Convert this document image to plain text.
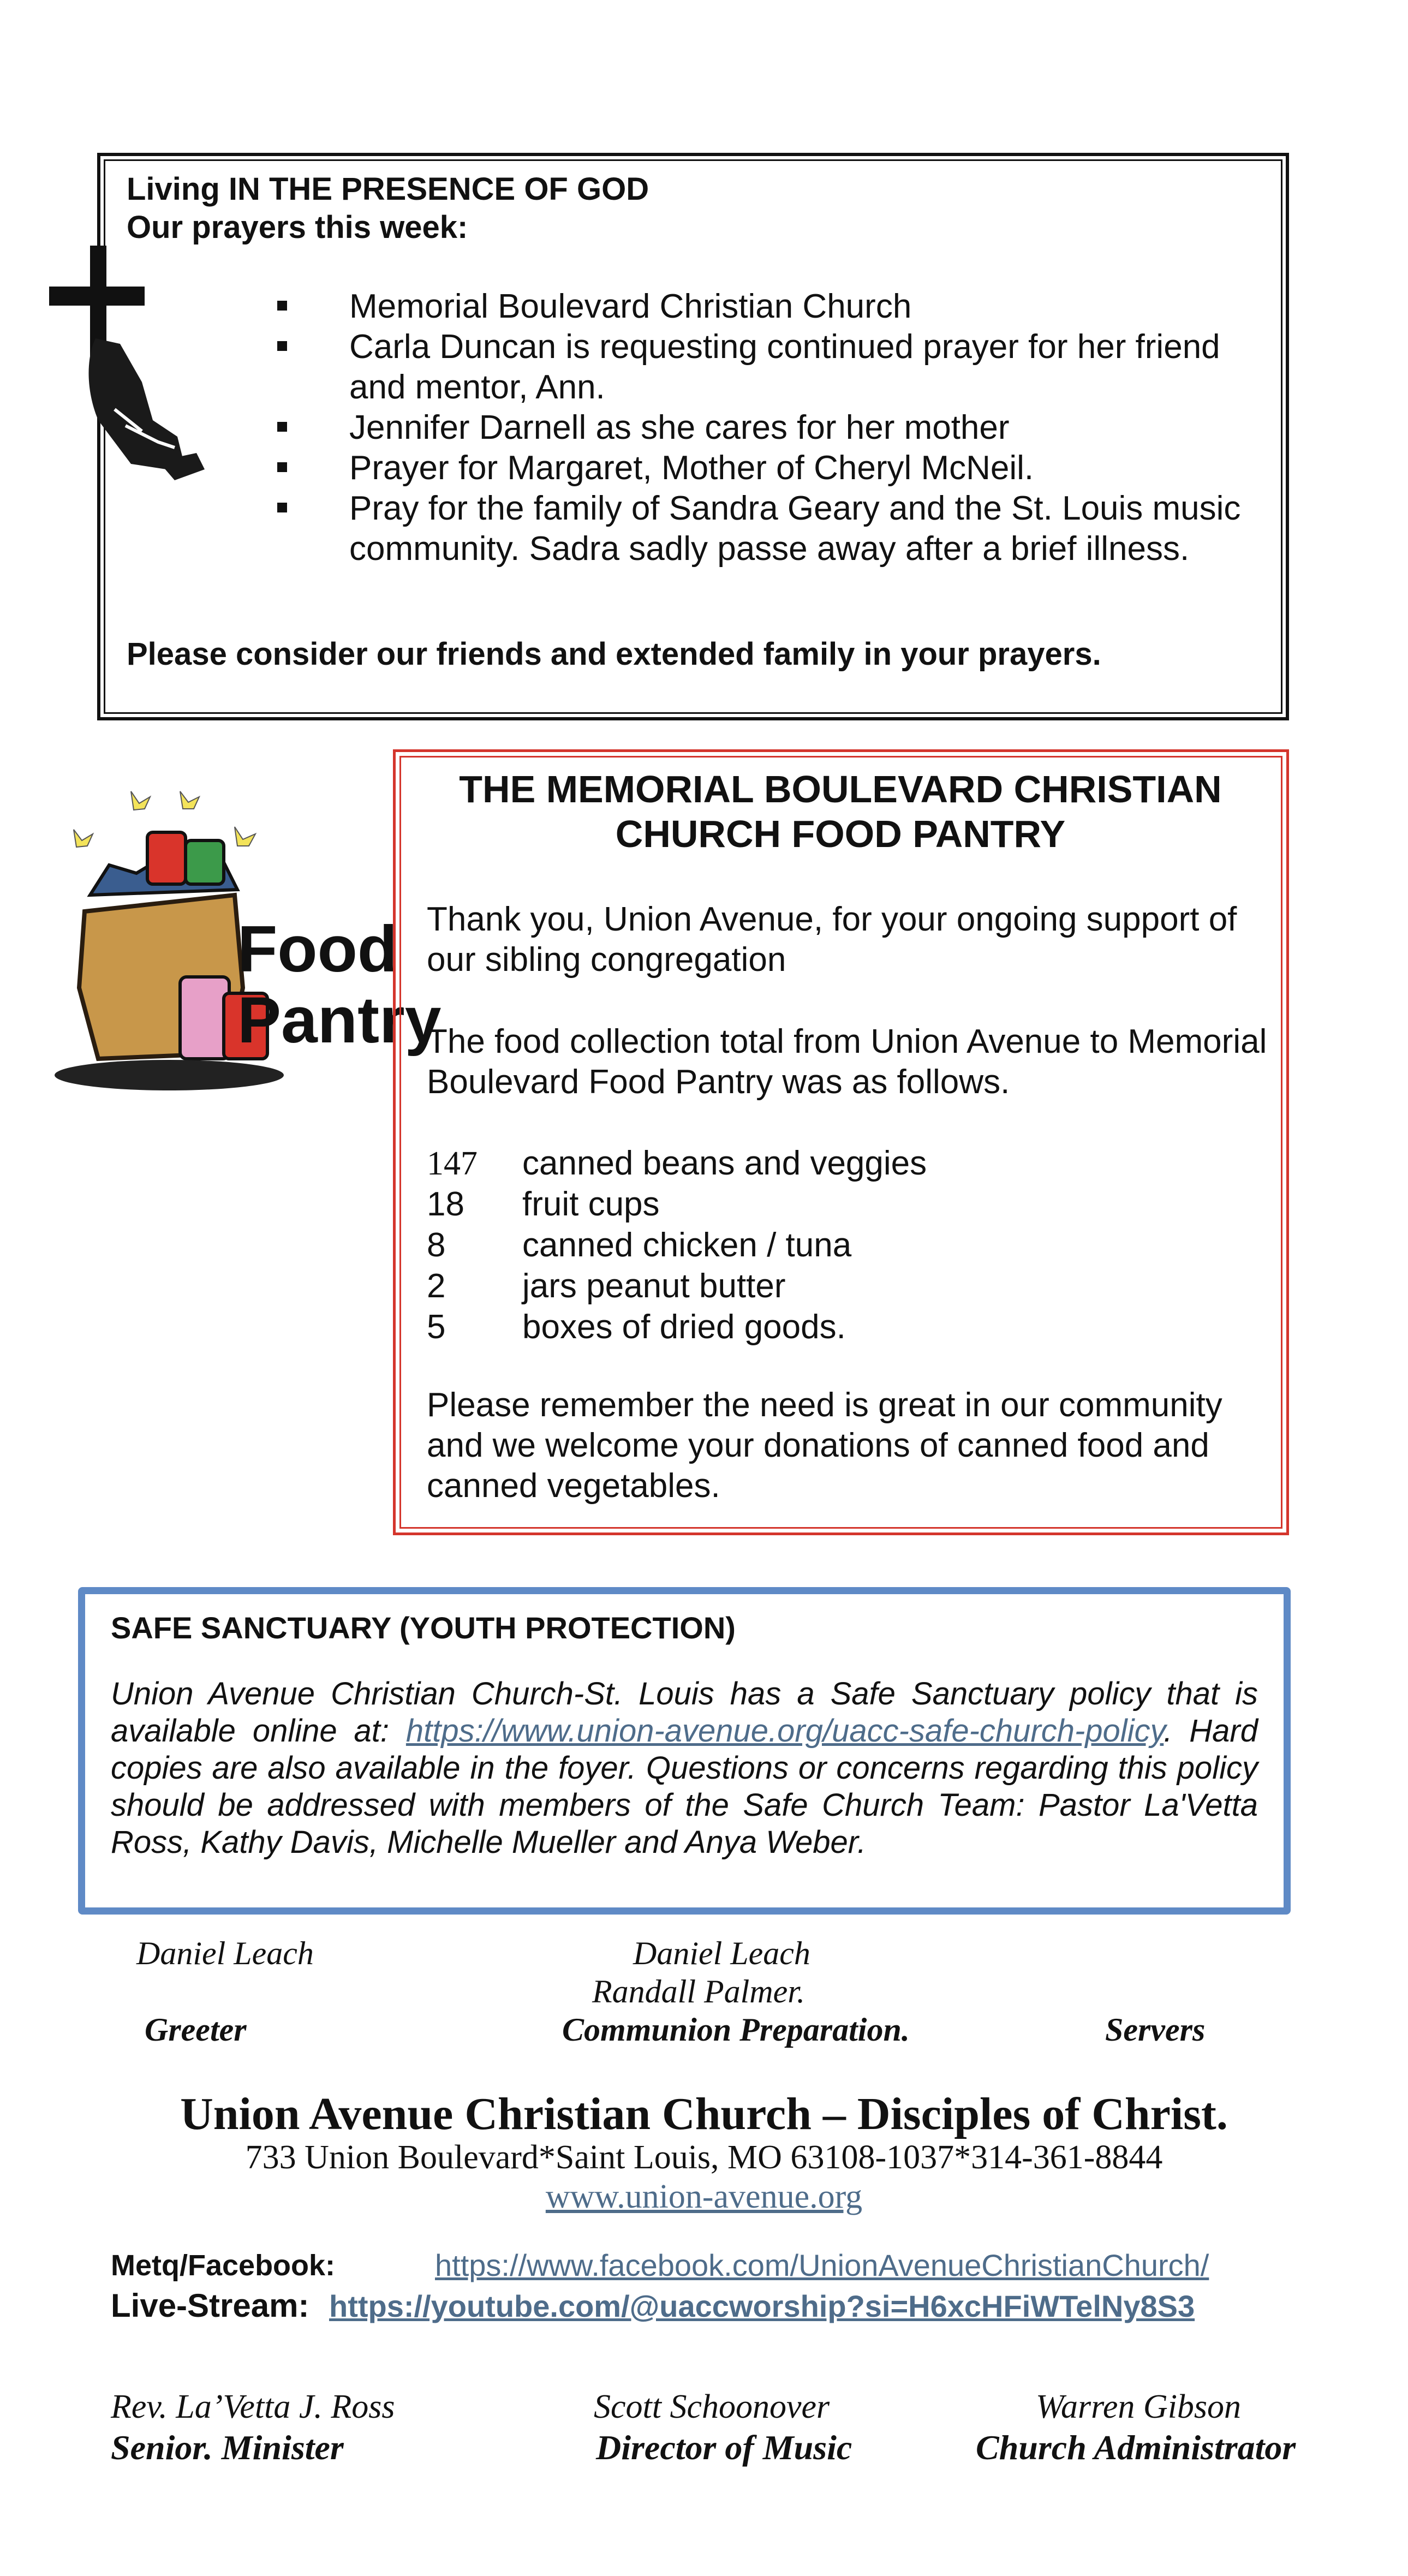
Living IN THE PRESENCE OF GOD
Our prayers this week:
Memorial Boulevard Christian Church
Carla Duncan is requesting continued prayer for her friend and mentor, Ann.
Jennifer Darnell as she cares for her mother
Prayer for Margaret, Mother of Cheryl McNeil.
Pray for the family of Sandra Geary and the St. Louis music community. Sadra sadly passe away after a brief illness.
Please consider our friends and extended family in your prayers.
Food
Pantry
THE MEMORIAL BOULEVARD CHRISTIAN CHURCH FOOD PANTRY
Thank you, Union Avenue, for your ongoing support of our sibling congregation
The food collection total from Union Avenue to Memorial Boulevard Food Pantry was as follows.
147	canned beans and veggies
18	fruit cups
8	canned chicken / tuna
2	jars peanut butter
5	boxes of dried goods.
Please remember the need is great in our community and we welcome your donations of canned food and canned vegetables.
SAFE SANCTUARY (YOUTH PROTECTION)
Union Avenue Christian Church-St. Louis has a Safe Sanctuary policy that is available online at: https://www.union-avenue.org/uacc-safe-church-policy. Hard copies are also available in the foyer. Questions or concerns regarding this policy should be addressed with members of the Safe Church Team: Pastor La'Vetta Ross, Kathy Davis, Michelle Mueller and Anya Weber.
Daniel Leach	Daniel Leach
Randall Palmer.
Greeter	Communion Preparation.	Servers
Union Avenue Christian Church – Disciples of Christ.
733 Union Boulevard*Saint Louis, MO 63108-1037*314-361-8844
www.union-avenue.org
Metq/Facebook:	https://www.facebook.com/UnionAvenueChristianChurch/
Live-Stream: https://youtube.com/@uaccworship?si=H6xcHFiWTelNy8S3
Rev. La’Vetta J. Ross
Senior. Minister
Scott Schoonover
Director of Music
Warren Gibson
Church Administrator
